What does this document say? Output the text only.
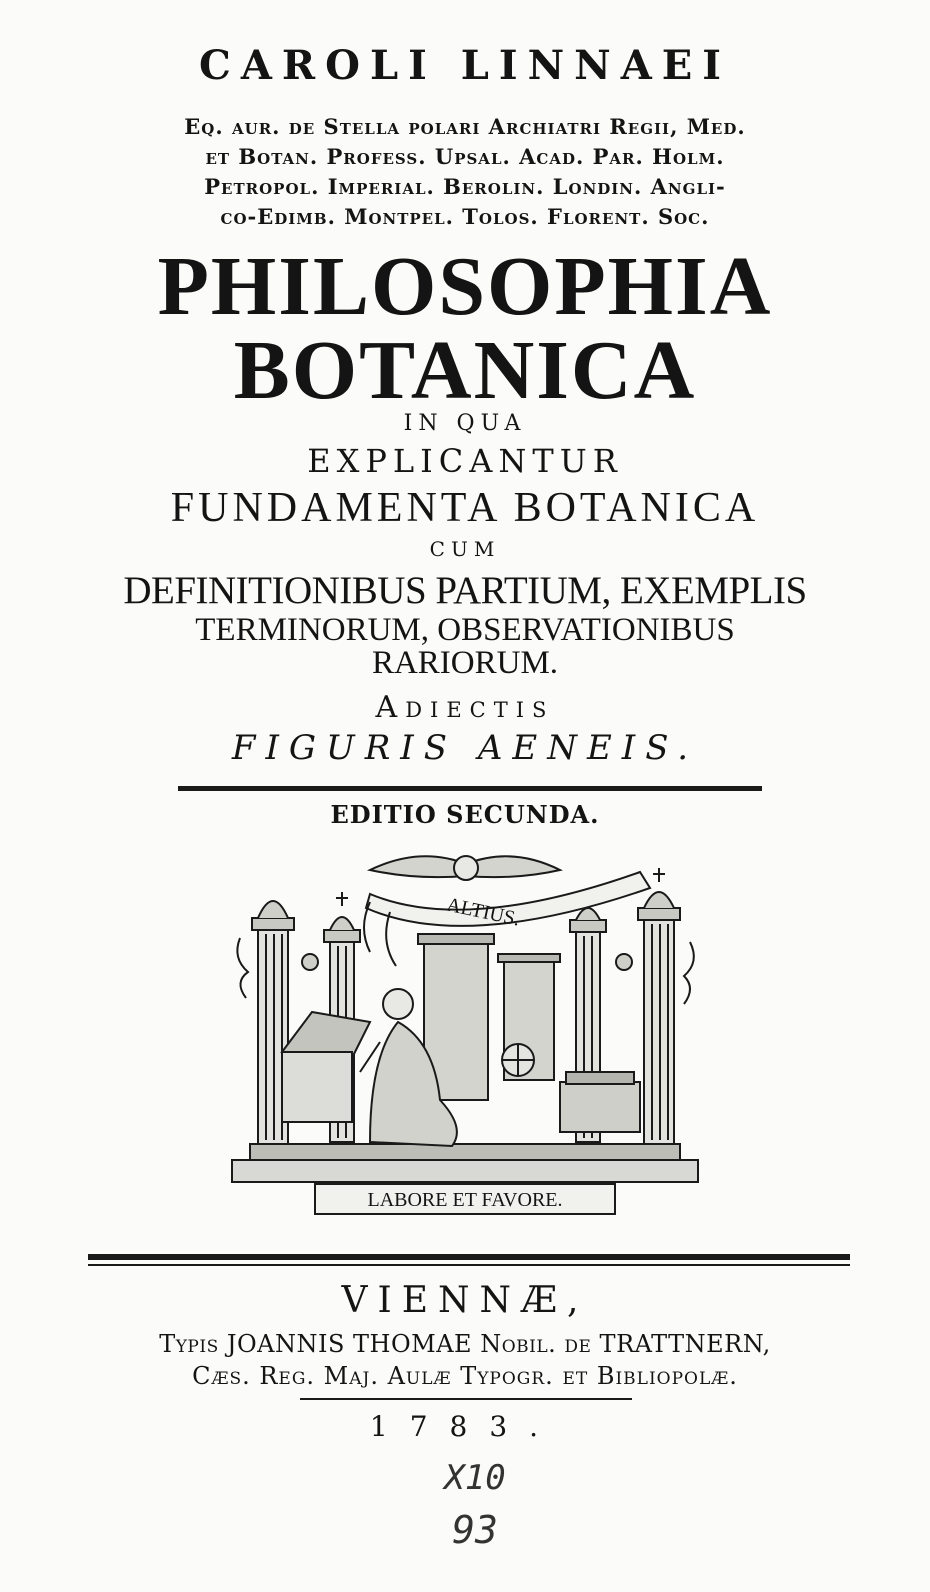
CAROLI LINNAEI
Eq. aur. de Stella polari Archiatri Regii, Med.
et Botan. Profess. Upsal. Acad. Par. Holm.
Petropol. Imperial. Berolin. Londin. Angli-
co-Edimb. Montpel. Tolos. Florent. Soc.
PHILOSOPHIA
BOTANICA
IN QUA
EXPLICANTUR
FUNDAMENTA BOTANICA
CUM
DEFINITIONIBUS PARTIUM, EXEMPLIS
TERMINORUM, OBSERVATIONIBUS
RARIORUM.
Adiectis
FIGURIS AENEIS.
EDITIO SECUNDA.
ALTIUS.
LABORE ET FAVORE.
VIENNÆ,
Typis JOANNIS THOMAE Nobil. de TRATTNERN,
Cæs. Reg. Maj. Aulæ Typogr. et Bibliopolæ.
1783.
X10
93
